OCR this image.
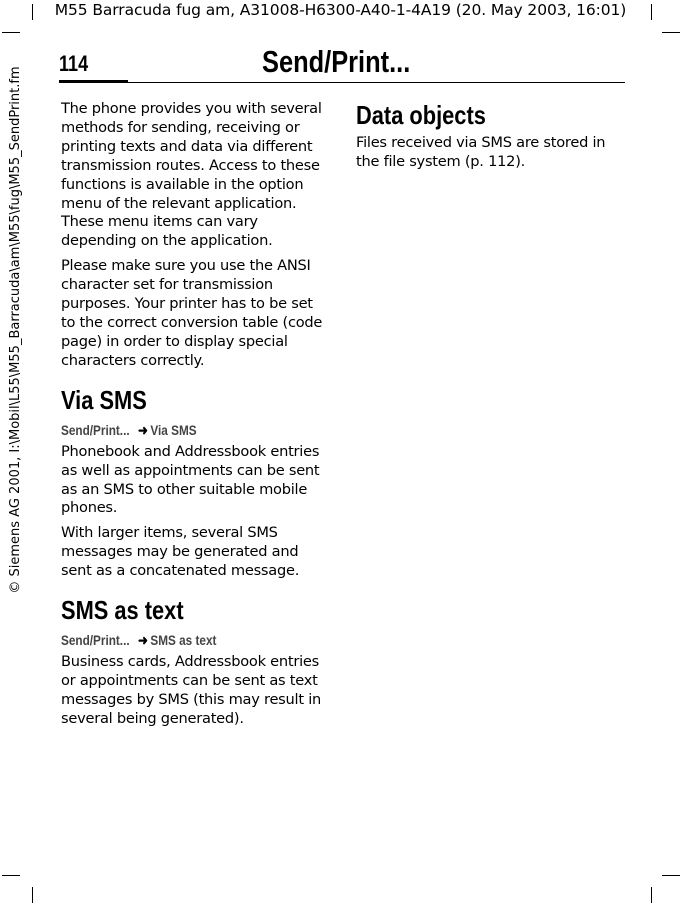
M55 Barracuda fug am, A31008-H6300-A40-1-4A19 (20. May 2003, 16:01)
© Siemens AG 2001, I:\Mobil\L55\M55_Barracuda\am\M55\fug\M55_SendPrint.fm
114	Send/Print...

The phone provides you with several methods for sending, receiving or printing texts and data via different transmission routes. Access to these functions is available in the option menu of the relevant application. These menu items can vary depending on the application.

Please make sure you use the ANSI character set for transmission purposes. Your printer has to be set to the correct conversion table (code page) in order to display special characters correctly.

Via SMS
Send/Print... ➜ Via SMS

Phonebook and Addressbook entries as well as appointments can be sent as an SMS to other suitable mobile phones.

With larger items, several SMS messages may be generated and sent as a concatenated message.

SMS as text
Send/Print... ➜ SMS as text

Business cards, Addressbook entries or appointments can be sent as text messages by SMS (this may result in several being generated).

Data objects

Files received via SMS are stored in the file system (p. 112).
